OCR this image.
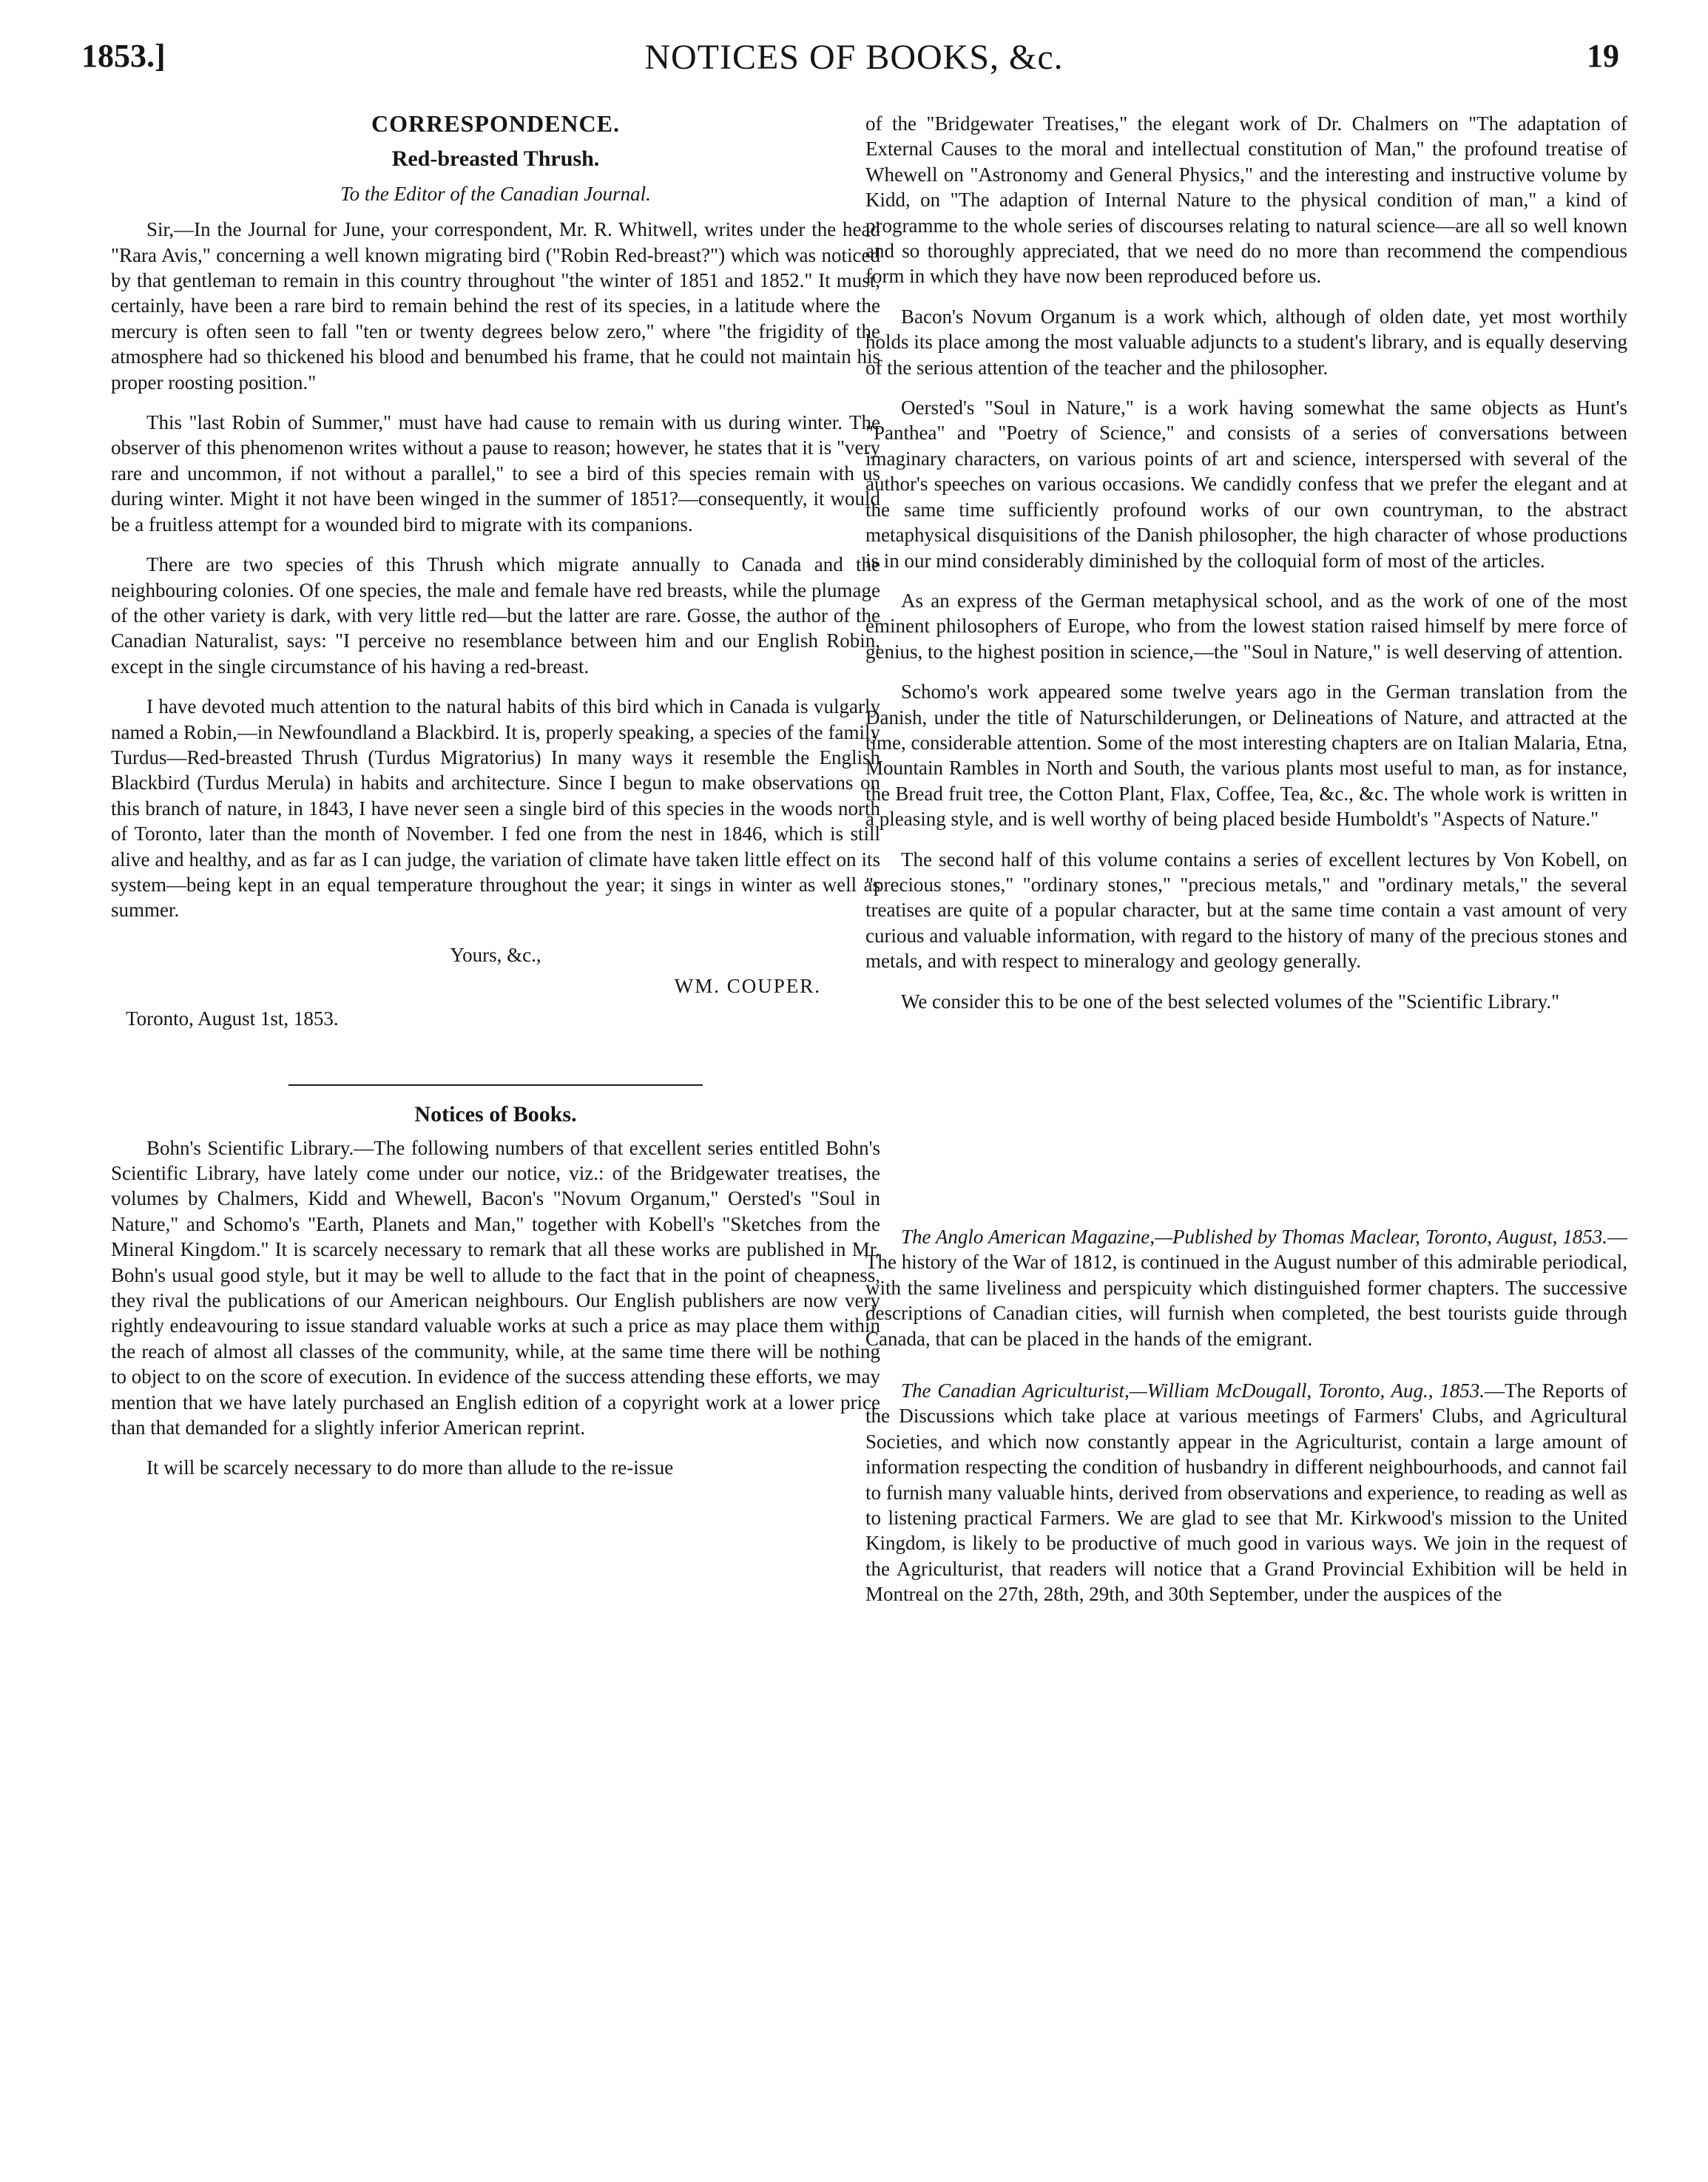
1853.]	NOTICES OF BOOKS, &c.	19
CORRESPONDENCE.
Red-breasted Thrush.

To the Editor of the Canadian Journal.

Sir,—In the Journal for June, your correspondent, Mr. R. Whitwell, writes under the head "Rara Avis," concerning a well known migrating bird ("Robin Red-breast?") which was noticed by that gentleman to remain in this country throughout "the winter of 1851 and 1852." It must, certainly, have been a rare bird to remain behind the rest of its species, in a latitude where the mercury is often seen to fall "ten or twenty degrees below zero," where "the frigidity of the atmosphere had so thickened his blood and benumbed his frame, that he could not maintain his proper roosting position."

This "last Robin of Summer," must have had cause to remain with us during winter. The observer of this phenomenon writes without a pause to reason; however, he states that it is "very rare and uncommon, if not without a parallel," to see a bird of this species remain with us during winter. Might it not have been winged in the summer of 1851?—consequently, it would be a fruitless attempt for a wounded bird to migrate with its companions.

There are two species of this Thrush which migrate annually to Canada and the neighbouring colonies. Of one species, the male and female have red breasts, while the plumage of the other variety is dark, with very little red—but the latter are rare. Gosse, the author of the Canadian Naturalist, says: "I perceive no resemblance between him and our English Robin, except in the single circumstance of his having a red-breast.

I have devoted much attention to the natural habits of this bird which in Canada is vulgarly named a Robin,—in Newfoundland a Blackbird. It is, properly speaking, a species of the family Turdus—Red-breasted Thrush (Turdus Migratorius) In many ways it resemble the English Blackbird (Turdus Merula) in habits and architecture. Since I begun to make observations on this branch of nature, in 1843, I have never seen a single bird of this species in the woods north of Toronto, later than the month of November. I fed one from the nest in 1846, which is still alive and healthy, and as far as I can judge, the variation of climate have taken little effect on its system—being kept in an equal temperature throughout the year; it sings in winter as well as summer.

Yours, &c.,

WM. COUPER.
Toronto, August 1st, 1853.
Notices of Books.

Bohn's Scientific Library.—The following numbers of that excellent series entitled Bohn's Scientific Library, have lately come under our notice, viz.: of the Bridgewater treatises, the volumes by Chalmers, Kidd and Whewell, Bacon's "Novum Organum," Oersted's "Soul in Nature," and Schomo's "Earth, Planets and Man," together with Kobell's "Sketches from the Mineral Kingdom." It is scarcely necessary to remark that all these works are published in Mr. Bohn's usual good style, but it may be well to allude to the fact that in the point of cheapness, they rival the publications of our American neighbours. Our English publishers are now very rightly endeavouring to issue standard valuable works at such a price as may place them within the reach of almost all classes of the community, while, at the same time there will be nothing to object to on the score of execution. In evidence of the success attending these efforts, we may mention that we have lately purchased an English edition of a copyright work at a lower price than that demanded for a slightly inferior American reprint.

It will be scarcely necessary to do more than allude to the re-issue

of the "Bridgewater Treatises," the elegant work of Dr. Chalmers on "The adaptation of External Causes to the moral and intellectual constitution of Man," the profound treatise of Whewell on "Astronomy and General Physics," and the interesting and instructive volume by Kidd, on "The adaption of Internal Nature to the physical condition of man," a kind of programme to the whole series of discourses relating to natural science—are all so well known and so thoroughly appreciated, that we need do no more than recommend the compendious form in which they have now been reproduced before us.

Bacon's Novum Organum is a work which, although of olden date, yet most worthily holds its place among the most valuable adjuncts to a student's library, and is equally deserving of the serious attention of the teacher and the philosopher.

Oersted's "Soul in Nature," is a work having somewhat the same objects as Hunt's "Panthea" and "Poetry of Science," and consists of a series of conversations between imaginary characters, on various points of art and science, interspersed with several of the author's speeches on various occasions. We candidly confess that we prefer the elegant and at the same time sufficiently profound works of our own countryman, to the abstract metaphysical disquisitions of the Danish philosopher, the high character of whose productions is in our mind considerably diminished by the colloquial form of most of the articles.

As an express of the German metaphysical school, and as the work of one of the most eminent philosophers of Europe, who from the lowest station raised himself by mere force of genius, to the highest position in science,—the "Soul in Nature," is well deserving of attention.

Schomo's work appeared some twelve years ago in the German translation from the Danish, under the title of Naturschilderungen, or Delineations of Nature, and attracted at the time, considerable attention. Some of the most interesting chapters are on Italian Malaria, Etna, Mountain Rambles in North and South, the various plants most useful to man, as for instance, the Bread fruit tree, the Cotton Plant, Flax, Coffee, Tea, &c., &c. The whole work is written in a pleasing style, and is well worthy of being placed beside Humboldt's "Aspects of Nature."

The second half of this volume contains a series of excellent lectures by Von Kobell, on "precious stones," "ordinary stones," "precious metals," and "ordinary metals," the several treatises are quite of a popular character, but at the same time contain a vast amount of very curious and valuable information, with regard to the history of many of the precious stones and metals, and with respect to mineralogy and geology generally.

We consider this to be one of the best selected volumes of the "Scientific Library."

The Anglo American Magazine,—Published by Thomas Maclear, Toronto, August, 1853.—The history of the War of 1812, is continued in the August number of this admirable periodical, with the same liveliness and perspicuity which distinguished former chapters. The successive descriptions of Canadian cities, will furnish when completed, the best tourists guide through Canada, that can be placed in the hands of the emigrant.

The Canadian Agriculturist,—William McDougall, Toronto, Aug., 1853.—The Reports of the Discussions which take place at various meetings of Farmers' Clubs, and Agricultural Societies, and which now constantly appear in the Agriculturist, contain a large amount of information respecting the condition of husbandry in different neighbourhoods, and cannot fail to furnish many valuable hints, derived from observations and experience, to reading as well as to listening practical Farmers. We are glad to see that Mr. Kirkwood's mission to the United Kingdom, is likely to be productive of much good in various ways. We join in the request of the Agriculturist, that readers will notice that a Grand Provincial Exhibition will be held in Montreal on the 27th, 28th, 29th, and 30th September, under the auspices of the
